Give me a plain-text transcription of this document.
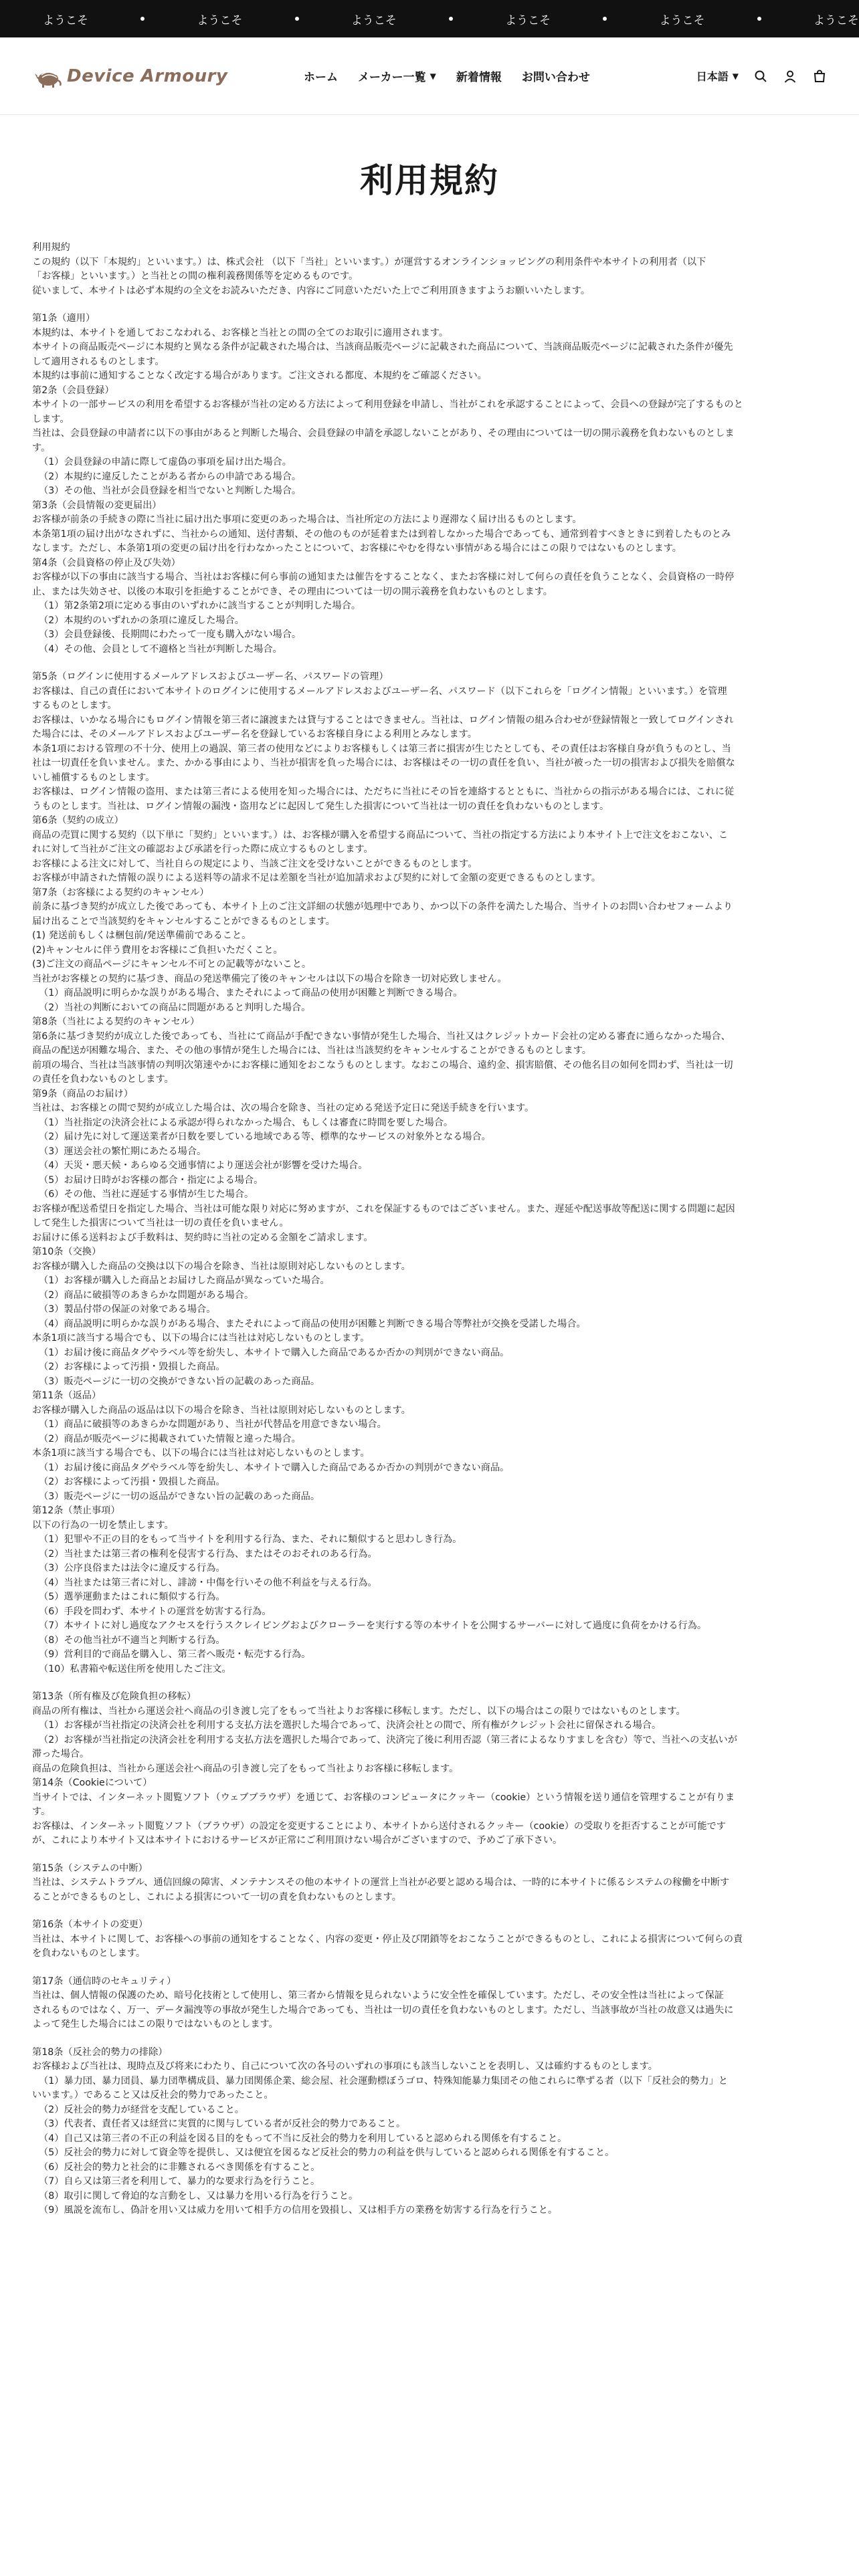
ようこそ	ようこそ	ようこそ	ようこそ	ようこそ	ようこそ
Device Armoury	ホーム メーカー一覧 ▼ 新着情報 お問い合わせ	日本語 ▼
利用規約
利用規約
この規約（以下「本規約」といいます。）は、株式会社 （以下「当社」といいます。）が運営するオンラインショッピングの利用条件や本サイトの利用者（以下
「お客様」といいます。）と当社との間の権利義務関係等を定めるものです。
従いまして、本サイトは必ず本規約の全文をお読みいただき、内容にご同意いただいた上でご利用頂きますようお願いいたします。
第1条（適用）
本規約は、本サイトを通しておこなわれる、お客様と当社との間の全てのお取引に適用されます。
本サイトの商品販売ページに本規約と異なる条件が記載された場合は、当該商品販売ページに記載された商品について、当該商品販売ページに記載された条件が優先
して適用されるものとします。
本規約は事前に通知することなく改定する場合があります。ご注文される都度、本規約をご確認ください。
第2条（会員登録）
本サイトの一部サービスの利用を希望するお客様が当社の定める方法によって利用登録を申請し、当社がこれを承認することによって、会員への登録が完了するものと
します。
当社は、会員登録の申請者に以下の事由があると判断した場合、会員登録の申請を承認しないことがあり、その理由については一切の開示義務を負わないものとしま
す。
（1）会員登録の申請に際して虚偽の事項を届け出た場合。
（2）本規約に違反したことがある者からの申請である場合。
（3）その他、当社が会員登録を相当でないと判断した場合。
第3条（会員情報の変更届出）
お客様が前条の手続きの際に当社に届け出た事項に変更のあった場合は、当社所定の方法により遅滞なく届け出るものとします。
本条第1項の届け出がなされずに、当社からの通知、送付書類、その他のものが延着または到着しなかった場合であっても、通常到着すべきときに到着したものとみ
なします。ただし、本条第1項の変更の届け出を行わなかったことについて、お客様にやむを得ない事情がある場合にはこの限りではないものとします。
第4条（会員資格の停止及び失効）
お客様が以下の事由に該当する場合、当社はお客様に何ら事前の通知または催告をすることなく、またお客様に対して何らの責任を負うことなく、会員資格の一時停
止、または失効させ、以後の本取引を拒絶することができ、その理由については一切の開示義務を負わないものとします。
（1）第2条第2項に定める事由のいずれかに該当することが判明した場合。
（2）本規約のいずれかの条項に違反した場合。
（3）会員登録後、長期間にわたって一度も購入がない場合。
（4）その他、会員として不適格と当社が判断した場合。
第5条（ログインに使用するメールアドレスおよびユーザー名、パスワードの管理）
お客様は、自己の責任において本サイトのログインに使用するメールアドレスおよびユーザー名、パスワード（以下これらを「ログイン情報」といいます。）を管理
するものとします。
お客様は、いかなる場合にもログイン情報を第三者に譲渡または貸与することはできません。当社は、ログイン情報の組み合わせが登録情報と一致してログインされ
た場合には、そのメールアドレスおよびユーザー名を登録しているお客様自身による利用とみなします。
本条1項における管理の不十分、使用上の過誤、第三者の使用などによりお客様もしくは第三者に損害が生じたとしても、その責任はお客様自身が負うものとし、当
社は一切責任を負いません。また、かかる事由により、当社が損害を負った場合には、お客様はその一切の責任を負い、当社が被った一切の損害および損失を賠償な
いし補償するものとします。
お客様は、ログイン情報の盗用、または第三者による使用を知った場合には、ただちに当社にその旨を連絡するとともに、当社からの指示がある場合には、これに従
うものとします。当社は、ログイン情報の漏洩・盗用などに起因して発生した損害について当社は一切の責任を負わないものとします。
第6条（契約の成立）
商品の売買に関する契約（以下単に「契約」といいます。）は、お客様が購入を希望する商品について、当社の指定する方法により本サイト上で注文をおこない、こ
れに対して当社がご注文の確認および承諾を行った際に成立するものとします。
お客様による注文に対して、当社自らの規定により、当該ご注文を受けないことができるものとします。
お客様が申請された情報の誤りによる送料等の請求不足は差額を当社が追加請求および契約に対して金額の変更できるものとします。
第7条（お客様による契約のキャンセル）
前条に基づき契約が成立した後であっても、本サイト上のご注文詳細の状態が処理中であり、かつ以下の条件を満たした場合、当サイトのお問い合わせフォームより
届け出ることで当該契約をキャンセルすることができるものとします。
(1) 発送前もしくは梱包前/発送準備前であること。
(2)キャンセルに伴う費用をお客様にご負担いただくこと。
(3)ご注文の商品ページにキャンセル不可との記載等がないこと。
当社がお客様との契約に基づき、商品の発送準備完了後のキャンセルは以下の場合を除き一切対応致しません。
（1）商品説明に明らかな誤りがある場合、またそれによって商品の使用が困難と判断できる場合。
（2）当社の判断においての商品に問題があると判明した場合。
第8条（当社による契約のキャンセル）
第6条に基づき契約が成立した後であっても、当社にて商品が手配できない事情が発生した場合、当社又はクレジットカード会社の定める審査に通らなかった場合、
商品の配送が困難な場合、また、その他の事情が発生した場合には、当社は当該契約をキャンセルすることができるものとします。
前項の場合、当社は当該事情の判明次第速やかにお客様に通知をおこなうものとします。なおこの場合、遠約金、損害賠償、その他名目の如何を問わず、当社は一切
の責任を負わないものとします。
第9条（商品のお届け）
当社は、お客様との間で契約が成立した場合は、次の場合を除き、当社の定める発送予定日に発送手続きを行います。
（1）当社指定の決済会社による承認が得られなかった場合、もしくは審査に時間を要した場合。
（2）届け先に対して運送業者が日数を要している地域である等、標準的なサービスの対象外となる場合。
（3）運送会社の繁忙期にあたる場合。
（4）天災・悪天候・あらゆる交通事情により運送会社が影響を受けた場合。
（5）お届け日時がお客様の都合・指定による場合。
（6）その他、当社に遅延する事情が生じた場合。
お客様が配送希望日を指定した場合、当社は可能な限り対応に努めますが、これを保証するものではございません。また、遅延や配送事故等配送に関する問題に起因
して発生した損害について当社は一切の責任を負いません。
お届けに係る送料および手数料は、契約時に当社の定める金額をご請求します。
第10条（交換）
お客様が購入した商品の交換は以下の場合を除き、当社は原則対応しないものとします。
（1）お客様が購入した商品とお届けした商品が異なっていた場合。
（2）商品に破損等のあきらかな問題がある場合。
（3）製品付帯の保証の対象である場合。
（4）商品説明に明らかな誤りがある場合、またそれによって商品の使用が困難と判断できる場合等弊社が交換を受諾した場合。
本条1項に該当する場合でも、以下の場合には当社は対応しないものとします。
（1）お届け後に商品タグやラベル等を紛失し、本サイトで購入した商品であるか否かの判別ができない商品。
（2）お客様によって汚損・毀損した商品。
（3）販売ページに一切の交換ができない旨の記載のあった商品。
第11条（返品）
お客様が購入した商品の返品は以下の場合を除き、当社は原則対応しないものとします。
（1）商品に破損等のあきらかな問題があり、当社が代替品を用意できない場合。
（2）商品が販売ページに掲載されていた情報と違った場合。
本条1項に該当する場合でも、以下の場合には当社は対応しないものとします。
（1）お届け後に商品タグやラベル等を紛失し、本サイトで購入した商品であるか否かの判別ができない商品。
（2）お客様によって汚損・毀損した商品。
（3）販売ページに一切の返品ができない旨の記載のあった商品。
第12条（禁止事項）
以下の行為の一切を禁止します。
（1）犯罪や不正の目的をもって当サイトを利用する行為、また、それに類似すると思わしき行為。
（2）当社または第三者の権利を侵害する行為、またはそのおそれのある行為。
（3）公序良俗または法令に違反する行為。
（4）当社または第三者に対し、誹謗・中傷を行いその他不利益を与える行為。
（5）選挙運動またはこれに類似する行為。
（6）手段を問わず、本サイトの運営を妨害する行為。
（7）本サイトに対し過度なアクセスを行うスクレイピングおよびクローラーを実行する等の本サイトを公開するサーバーに対して過度に負荷をかける行為。
（8）その他当社が不適当と判断する行為。
（9）営利目的で商品を購入し、第三者へ販売・転売する行為。
（10）私書箱や転送住所を使用したご注文。
第13条（所有権及び危険負担の移転）
商品の所有権は、当社から運送会社へ商品の引き渡し完了をもって当社よりお客様に移転します。ただし、以下の場合はこの限りではないものとします。
（1）お客様が当社指定の決済会社を利用する支払方法を選択した場合であって、決済会社との間で、所有権がクレジット会社に留保される場合。
（2）お客様が当社指定の決済会社を利用する支払方法を選択した場合であって、決済完了後に利用否認（第三者によるなりすましを含む）等で、当社への支払いが
滞った場合。
商品の危険負担は、当社から運送会社へ商品の引き渡し完了をもって当社よりお客様に移転します。
第14条（Cookieについて）
当サイトでは、インターネット閲覧ソフト（ウェブブラウザ）を通じて、お客様のコンピュータにクッキー（cookie）という情報を送り通信を管理することが有りま
す。
お客様は、インターネット閲覧ソフト（ブラウザ）の設定を変更することにより、本サイトから送付されるクッキー（cookie）の受取りを拒否することが可能です
が、これにより本サイト又は本サイトにおけるサービスが正常にご利用頂けない場合がございますので、予めご了承下さい。
第15条（システムの中断）
当社は、システムトラブル、通信回線の障害、メンテナンスその他の本サイトの運営上当社が必要と認める場合は、一時的に本サイトに係るシステムの稼働を中断す
ることができるものとし、これによる損害について一切の責を負わないものとします。
第16条（本サイトの変更）
当社は、本サイトに関して、お客様への事前の通知をすることなく、内容の変更・停止及び閉鎖等をおこなうことができるものとし、これによる損害について何らの責
を負わないものとします。
第17条（通信時のセキュリティ）
当社は、個人情報の保護のため、暗号化技術として使用し、第三者から情報を見られないように安全性を確保しています。ただし、その安全性は当社によって保証
されるものではなく、万一、データ漏洩等の事故が発生した場合であっても、当社は一切の責任を負わないものとします。ただし、当該事故が当社の故意又は過失に
よって発生した場合にはこの限りではないものとします。
第18条（反社会的勢力の排除）
お客様および当社は、現時点及び将来にわたり、自己について次の各号のいずれの事項にも該当しないことを表明し、又は確約するものとします。
（1）暴力団、暴力団員、暴力団準構成員、暴力団関係企業、総会屋、社会運動標ぼうゴロ、特殊知能暴力集団その他これらに準ずる者（以下「反社会的勢力」と
いいます。）であること又は反社会的勢力であったこと。
（2）反社会的勢力が経営を支配していること。
（3）代表者、責任者又は経営に実質的に関与している者が反社会的勢力であること。
（4）自己又は第三者の不正の利益を図る目的をもって不当に反社会的勢力を利用していると認められる関係を有すること。
（5）反社会的勢力に対して資金等を提供し、又は便宜を図るなど反社会的勢力の利益を供与していると認められる関係を有すること。
（6）反社会的勢力と社会的に非難されるべき関係を有すること。
（7）自ら又は第三者を利用して、暴力的な要求行為を行うこと。
（8）取引に関して脅迫的な言動をし、又は暴力を用いる行為を行うこと。
（9）風説を流布し、偽計を用い又は威力を用いて相手方の信用を毀損し、又は相手方の業務を妨害する行為を行うこと。
